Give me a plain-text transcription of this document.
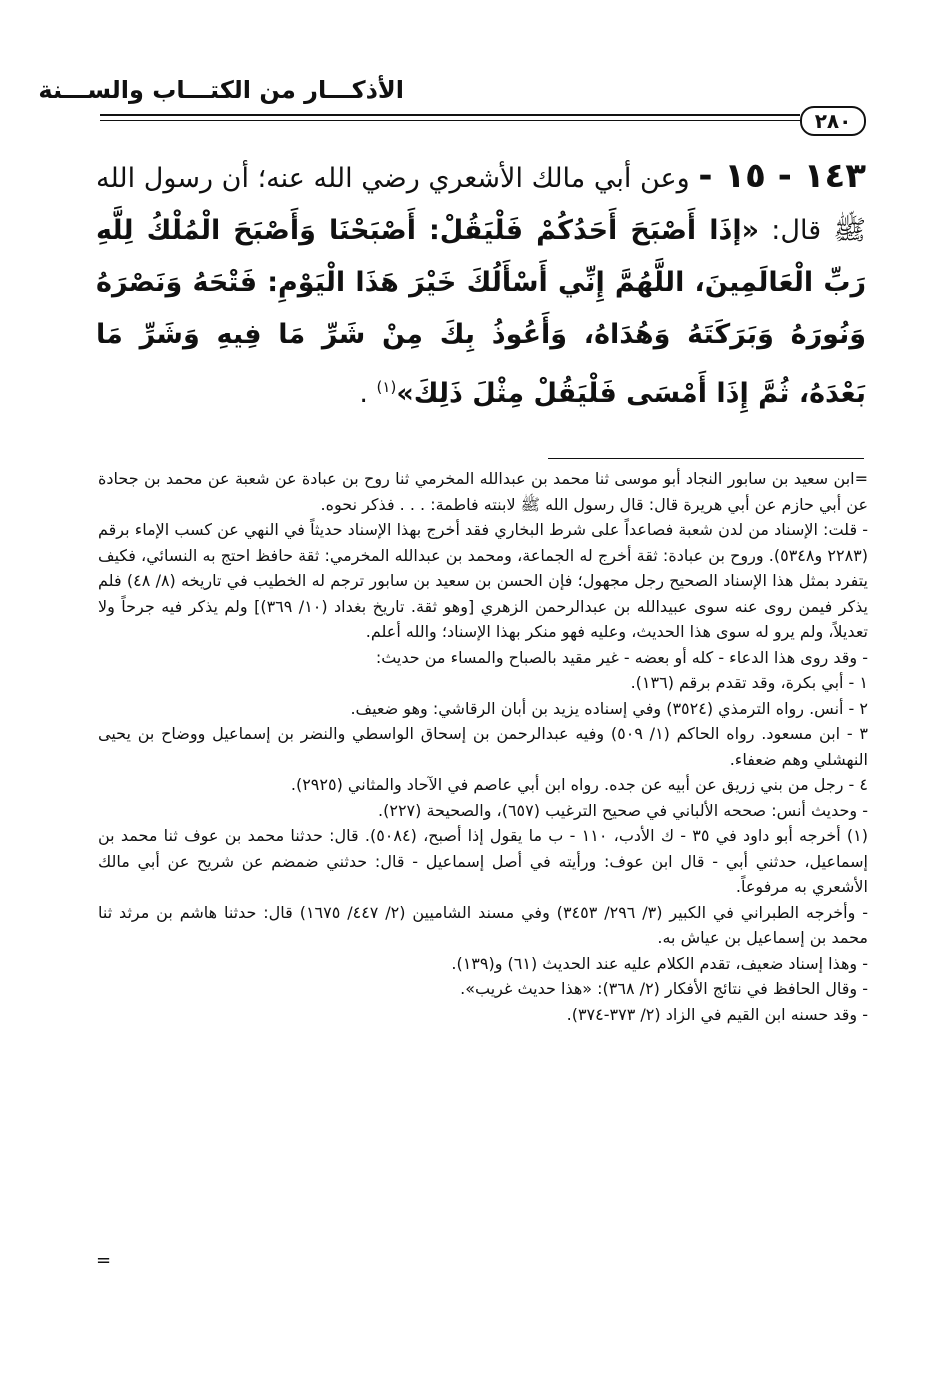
الأذكـــار من الكتـــاب والســـنة
٢٨٠
١٤٣ - ١٥ - وعن أبي مالك الأشعري رضي الله عنه؛ أن رسول الله ﷺ قال: «إذَا أَصْبَحَ أَحَدُكُمْ فَلْيَقُلْ: أَصْبَحْنَا وَأَصْبَحَ الْمُلْكُ لِلَّهِ رَبِّ الْعَالَمِينَ، اللَّهُمَّ إِنِّي أَسْأَلُكَ خَيْرَ هَذَا الْيَوْمِ: فَتْحَهُ وَنَصْرَهُ وَنُورَهُ وَبَرَكَتَهُ وَهُدَاهُ، وَأَعُوذُ بِكَ مِنْ شَرِّ مَا فِيهِ وَشَرِّ مَا بَعْدَهُ، ثُمَّ إِذَا أَمْسَى فَلْيَقُلْ مِثْلَ ذَلِكَ»$^{(١)}$ .

=ابن سعيد بن سابور النجاد أبو موسى ثنا محمد بن عبدالله المخرمي ثنا روح بن عبادة عن شعبة عن محمد بن جحادة عن أبي حازم عن أبي هريرة قال: قال رسول الله ﷺ لابنته فاطمة: . . . فذكر نحوه.

- قلت: الإسناد من لدن شعبة فصاعداً على شرط البخاري فقد أخرج بهذا الإسناد حديثاً في النهي عن كسب الإماء برقم (٢٢٨٣ و٥٣٤٨). وروح بن عبادة: ثقة أخرج له الجماعة، ومحمد بن عبدالله المخرمي: ثقة حافظ احتج به النسائي، فكيف يتفرد بمثل هذا الإسناد الصحيح رجل مجهول؛ فإن الحسن بن سعيد بن سابور ترجم له الخطيب في تاريخه (٨/ ٤٨) فلم يذكر فيمن روى عنه سوى عبيدالله بن عبدالرحمن الزهري [وهو ثقة. تاريخ بغداد (١٠/ ٣٦٩)] ولم يذكر فيه جرحاً ولا تعديلاً، ولم يرو له سوى هذا الحديث، وعليه فهو منكر بهذا الإسناد؛ والله أعلم.

- وقد روى هذا الدعاء - كله أو بعضه - غير مقيد بالصباح والمساء من حديث:

١ - أبي بكرة، وقد تقدم برقم (١٣٦).

٢ - أنس. رواه الترمذي (٣٥٢٤) وفي إسناده يزيد بن أبان الرقاشي: وهو ضعيف.

٣ - ابن مسعود. رواه الحاكم (١/ ٥٠٩) وفيه عبدالرحمن بن إسحاق الواسطي والنضر بن إسماعيل ووضاح بن يحيى النهشلي وهم ضعفاء.

٤ - رجل من بني زريق عن أبيه عن جده. رواه ابن أبي عاصم في الآحاد والمثاني (٢٩٢٥).

- وحديث أنس: صححه الألباني في صحيح الترغيب (٦٥٧)، والصحيحة (٢٢٧).

(١) أخرجه أبو داود في ٣٥ - ك الأدب، ١١٠ - ب ما يقول إذا أصبح، (٥٠٨٤). قال: حدثنا محمد بن عوف ثنا محمد بن إسماعيل، حدثني أبي - قال ابن عوف: ورأيته في أصل إسماعيل - قال: حدثني ضمضم عن شريح عن أبي مالك الأشعري به مرفوعاً.

- وأخرجه الطبراني في الكبير (٣/ ٢٩٦/ ٣٤٥٣) وفي مسند الشاميين (٢/ ٤٤٧/ ١٦٧٥) قال: حدثنا هاشم بن مرثد ثنا محمد بن إسماعيل بن عياش به.

- وهذا إسناد ضعيف، تقدم الكلام عليه عند الحديث (٦١) و(١٣٩).

- وقال الحافظ في نتائج الأفكار (٢/ ٣٦٨): «هذا حديث غريب».

- وقد حسنه ابن القيم في الزاد (٢/ ٣٧٣-٣٧٤).

=
